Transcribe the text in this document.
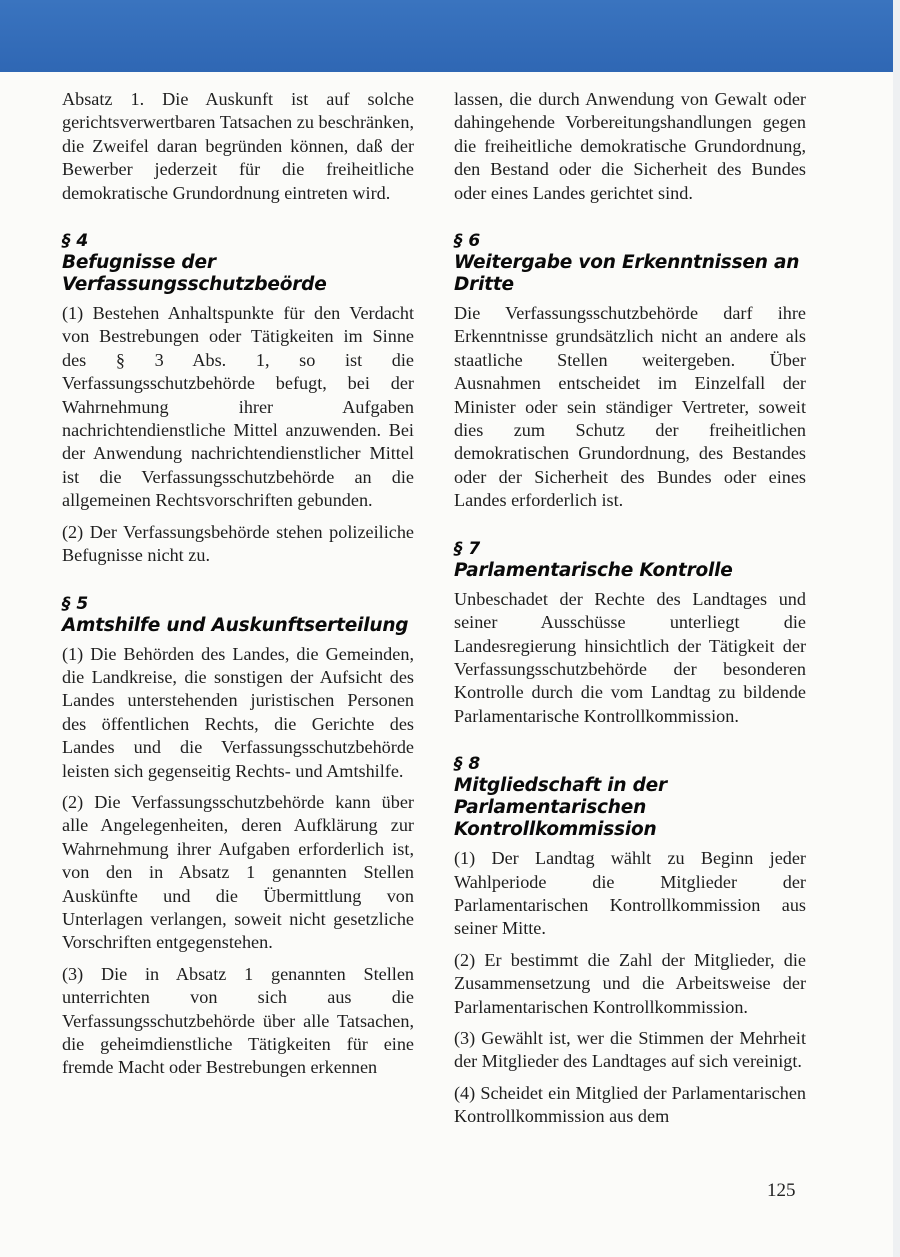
Absatz 1. Die Auskunft ist auf solche gerichtsverwertbaren Tatsachen zu beschränken, die Zweifel daran begründen können, daß der Bewerber jederzeit für die freiheitliche demokratische Grundordnung eintreten wird.

§ 4
Befugnisse der Verfassungsschutzbeörde

(1) Bestehen Anhaltspunkte für den Verdacht von Bestrebungen oder Tätigkeiten im Sinne des § 3 Abs. 1, so ist die Verfassungsschutzbehörde befugt, bei der Wahrnehmung ihrer Aufgaben nachrichtendienstliche Mittel anzuwenden. Bei der Anwendung nachrichtendienstlicher Mittel ist die Verfassungsschutzbehörde an die allgemeinen Rechtsvorschriften gebunden.

(2) Der Verfassungsbehörde stehen polizeiliche Befugnisse nicht zu.

§ 5
Amtshilfe und Auskunftserteilung

(1) Die Behörden des Landes, die Gemeinden, die Landkreise, die sonstigen der Aufsicht des Landes unterstehenden juristischen Personen des öffentlichen Rechts, die Gerichte des Landes und die Verfassungsschutzbehörde leisten sich gegenseitig Rechts- und Amtshilfe.

(2) Die Verfassungsschutzbehörde kann über alle Angelegenheiten, deren Aufklärung zur Wahrnehmung ihrer Aufgaben erforderlich ist, von den in Absatz 1 genannten Stellen Auskünfte und die Übermittlung von Unterlagen verlangen, soweit nicht gesetzliche Vorschriften entgegenstehen.

(3) Die in Absatz 1 genannten Stellen unterrichten von sich aus die Verfassungsschutzbehörde über alle Tatsachen, die geheimdienstliche Tätigkeiten für eine fremde Macht oder Bestrebungen erkennen

lassen, die durch Anwendung von Gewalt oder dahingehende Vorbereitungshandlungen gegen die freiheitliche demokratische Grundordnung, den Bestand oder die Sicherheit des Bundes oder eines Landes gerichtet sind.

§ 6
Weitergabe von Erkenntnissen an Dritte

Die Verfassungsschutzbehörde darf ihre Erkenntnisse grundsätzlich nicht an andere als staatliche Stellen weitergeben. Über Ausnahmen entscheidet im Einzelfall der Minister oder sein ständiger Vertreter, soweit dies zum Schutz der freiheitlichen demokratischen Grundordnung, des Bestandes oder der Sicherheit des Bundes oder eines Landes erforderlich ist.

§ 7
Parlamentarische Kontrolle

Unbeschadet der Rechte des Landtages und seiner Ausschüsse unterliegt die Landesregierung hinsichtlich der Tätigkeit der Verfassungsschutzbehörde der besonderen Kontrolle durch die vom Landtag zu bildende Parlamentarische Kontrollkommission.

§ 8
Mitgliedschaft in der Parlamentarischen Kontrollkommission

(1) Der Landtag wählt zu Beginn jeder Wahlperiode die Mitglieder der Parlamentarischen Kontrollkommission aus seiner Mitte.

(2) Er bestimmt die Zahl der Mitglieder, die Zusammensetzung und die Arbeitsweise der Parlamentarischen Kontrollkommission.

(3) Gewählt ist, wer die Stimmen der Mehrheit der Mitglieder des Landtages auf sich vereinigt.

(4) Scheidet ein Mitglied der Parlamentarischen Kontrollkommission aus dem

125
